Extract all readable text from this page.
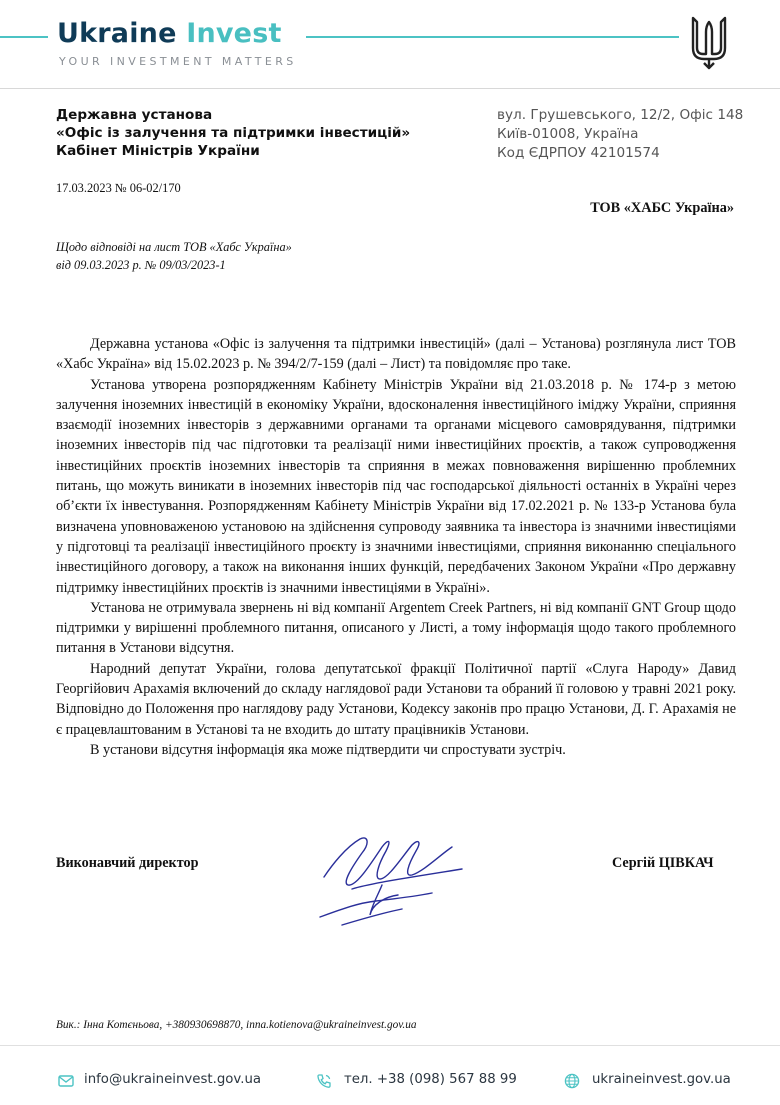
Ukraine Invest
YOUR INVESTMENT MATTERS
Державна установа
«Офіс із залучення та підтримки інвестицій»
Кабінет Міністрів України
вул. Грушевського, 12/2, Офіс 148
Київ-01008, Україна
Код ЄДРПОУ 42101574
17.03.2023 № 06-02/170
ТОВ «ХАБС Україна»
Щодо відповіді на лист ТОВ «Хабс Україна»
від 09.03.2023 р. № 09/03/2023-1

Державна установа «Офіс із залучення та підтримки інвестицій» (далі – Установа) розглянула лист ТОВ «Хабс Україна» від 15.02.2023 р. № 394/2/7-159 (далі – Лист) та повідомляє про таке.

Установа утворена розпорядженням Кабінету Міністрів України від 21.03.2018 р. № 174-р з метою залучення іноземних інвестицій в економіку України, вдосконалення інвестиційного іміджу України, сприяння взаємодії іноземних інвесторів з державними органами та органами місцевого самоврядування, підтримки іноземних інвесторів під час підготовки та реалізації ними інвестиційних проєктів, а також супроводження інвестиційних проєктів іноземних інвесторів та сприяння в межах повноваження вирішенню проблемних питань, що можуть виникати в іноземних інвесторів під час господарської діяльності останніх в Україні через об’єкти їх інвестування. Розпорядженням Кабінету Міністрів України від 17.02.2021 р. № 133-р Установа була визначена уповноваженою установою на здійснення супроводу заявника та інвестора із значними інвестиціями у підготовці та реалізації інвестиційного проєкту із значними інвестиціями, сприяння виконанню спеціального інвестиційного договору, а також на виконання інших функцій, передбачених Законом України «Про державну підтримку інвестиційних проєктів із значними інвестиціями в Україні».

Установа не отримувала звернень ні від компанії Argentem Creek Partners, ні від компанії GNT Group щодо підтримки у вирішенні проблемного питання, описаного у Листі, а тому інформація щодо такого проблемного питання в Установи відсутня.

Народний депутат України, голова депутатської фракції Політичної партії «Слуга Народу» Давид Георгійович Арахамія включений до складу наглядової ради Установи та обраний її головою у травні 2021 року. Відповідно до Положення про наглядову раду Установи, Кодексу законів про працю Установи, Д. Г. Арахамія не є працевлаштованим в Установі та не входить до штату працівників Установи.

В установи відсутня інформація яка може підтвердити чи спростувати зустріч.

Виконавчий директор	Сергій ЦІВКАЧ
Вик.: Інна Котєньова, +380930698870, inna.kotienova@ukraineinvest.gov.ua
info@ukraineinvest.gov.ua	тел. +38 (098) 567 88 99	ukraineinvest.gov.ua
